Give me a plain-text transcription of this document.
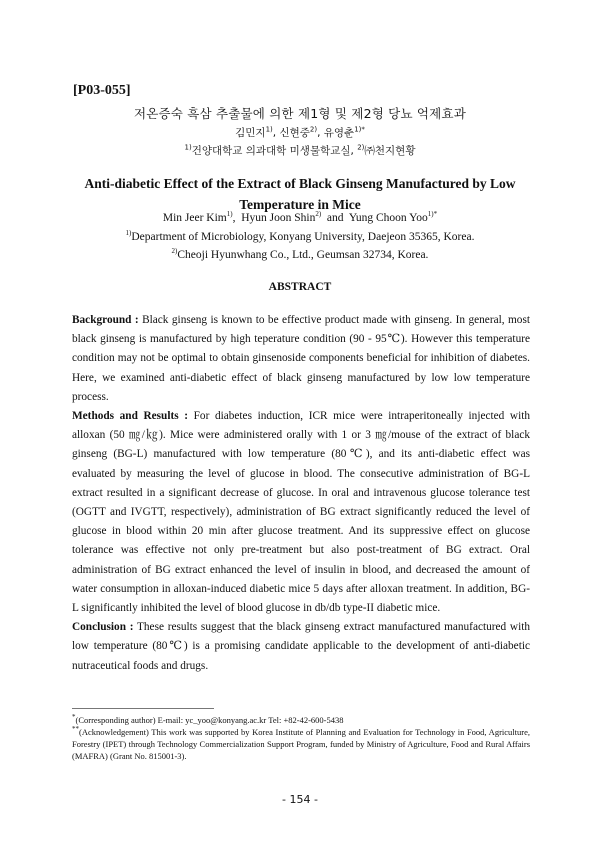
[P03-055]
저온증숙 흑삼 추출물에 의한 제1형 및 제2형 당뇨 억제효과
김민지$^{1)}$, 신현중$^{2)}$, 유영춘$^{1)*}$
$^{1)}$건양대학교 의과대학 미생물학교실, $^{2)}$㈜천지현황
Anti-diabetic Effect of the Extract of Black Ginseng Manufactured by Low Temperature in Mice
Min Jeer Kim$^{1)}$,  Hyun Joon Shin$^{2)}$  and  Yung Choon Yoo$^{1)*}$
$^{1)}$Department of Microbiology, Konyang University, Daejeon 35365, Korea.
$^{2)}$Cheoji Hyunwhang Co., Ltd., Geumsan 32734, Korea.
ABSTRACT

Background : Black ginseng is known to be effective product made with ginseng. In general, most black ginseng is manufactured by high teperature condition (90 - 95℃). However this temperature condition may not be optimal to obtain ginsenoside components beneficial for inhibition of diabetes. Here, we examined anti-diabetic effect of black ginseng manufactured by low low temperature process.

Methods and Results : For diabetes induction, ICR mice were intraperitoneally injected with alloxan (50 ㎎/㎏). Mice were administered orally with 1 or 3 ㎎/mouse of the extract of black ginseng (BG-L) manufactured with low temperature (80℃), and its anti-diabetic effect was evaluated by measuring the level of glucose in blood. The consecutive administration of BG-L extract resulted in a significant decrease of glucose. In oral and intravenous glucose tolerance test (OGTT and IVGTT, respectively), administration of BG extract significantly reduced the level of glucose in blood within 20 min after glucose treatment. And its suppressive effect on glucose tolerance was effective not only pre-treatment but also post-treatment of BG extract. Oral administration of BG extract enhanced the level of insulin in blood, and decreased the amount of water consumption in alloxan-induced diabetic mice 5 days after alloxan treatment. In addition, BG-L significantly inhibited the level of blood glucose in db/db type-II diabetic mice.

Conclusion : These results suggest that the black ginseng extract manufactured manufactured with low temperature (80℃) is a promising candidate applicable to the development of anti-diabetic nutraceutical foods and drugs.

*(Corresponding author) E-mail: yc_yoo@konyang.ac.kr Tel: +82-42-600-5438

**(Acknowledgement) This work was supported by Korea Institute of Planning and Evaluation for Technology in Food, Agriculture, Forestry (IPET) through Technology Commercialization Support Program, funded by Ministry of Agriculture, Food and Rural Affairs (MAFRA) (Grant No. 815001-3).

- 154 -
